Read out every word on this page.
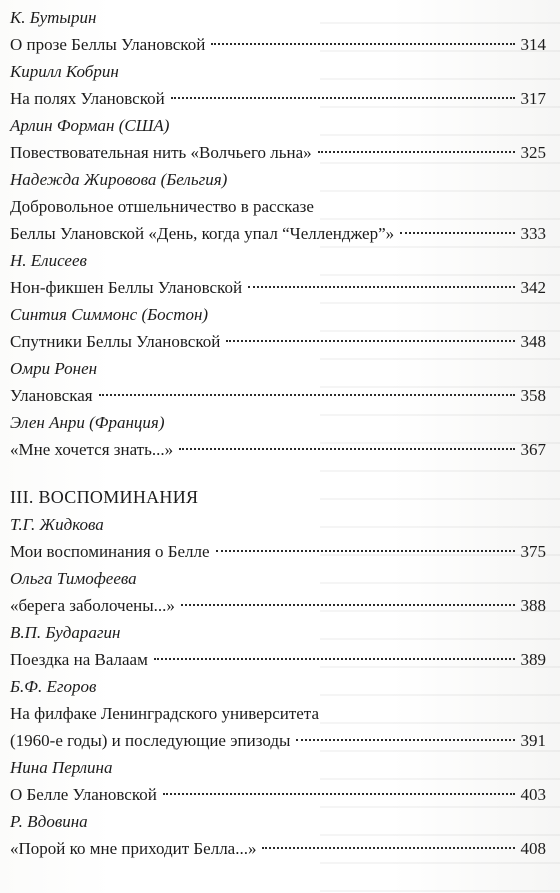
К. Бутырин
О прозе Беллы Улановской	314
Кирилл Кобрин
На полях Улановской	317
Арлин Форман (США)
Повествовательная нить «Волчьего льна»	325
Надежда Жировова (Бельгия)
Добровольное отшельничество в рассказе
Беллы Улановской «День, когда упал “Челленджер”»	333
Н. Елисеев
Нон-фикшен Беллы Улановской	342
Синтия Симмонс (Бостон)
Спутники Беллы Улановской	348
Омри Ронен
Улановская	358
Элен Анри (Франция)
«Мне хочется знать...»	367
III. ВОСПОМИНАНИЯ
Т.Г. Жидкова
Мои воспоминания о Белле	375
Ольга Тимофеева
«берега заболочены...»	388
В.П. Бударагин
Поездка на Валаам	389
Б.Ф. Егоров
На филфаке Ленинградского университета
(1960-е годы) и последующие эпизоды	391
Нина Перлина
О Белле Улановской	403
Р. Вдовина
«Порой ко мне приходит Белла...»	408
